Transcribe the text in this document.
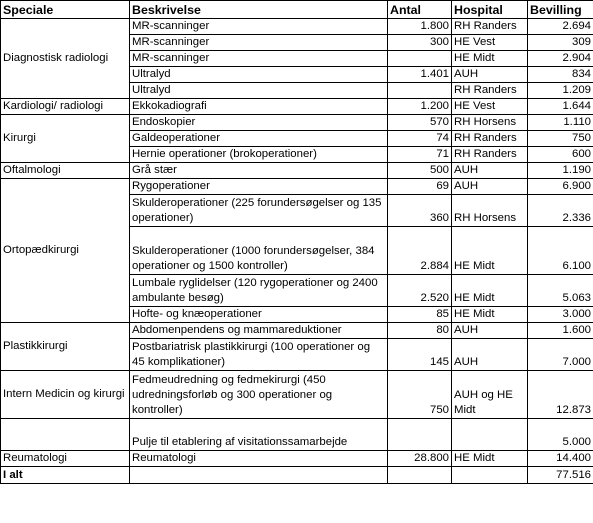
Speciale	Beskrivelse	Antal	Hospital	Bevilling
Diagnostisk radiologi	MR-scanninger	1.800	RH Randers	2.694
	MR-scanninger	300	HE Vest	309
	MR-scanninger		HE Midt	2.904
	Ultralyd	1.401	AUH	834
	Ultralyd		RH Randers	1.209
Kardiologi/ radiologi	Ekkokadiografi	1.200	HE Vest	1.644
Kirurgi	Endoskopier	570	RH Horsens	1.110
	Galdeoperationer	74	RH Randers	750
	Hernie operationer (brokoperationer)	71	RH Randers	600
Oftalmologi	Grå stær	500	AUH	1.190
Ortopædkirurgi	Rygoperationer	69	AUH	6.900
	Skulderoperationer (225 forundersøgelser og 135 operationer)	360	RH Horsens	2.336
	Skulderoperationer (1000 forundersøgelser, 384 operationer og 1500 kontroller)	2.884	HE Midt	6.100
	Lumbale ryglidelser (120 rygoperationer og 2400 ambulante besøg)	2.520	HE Midt	5.063
	Hofte- og knæoperationer	85	HE Midt	3.000
Plastikkirurgi	Abdomenpendens og mammareduktioner	80	AUH	1.600
	Postbariatrisk plastikkirurgi (100 operationer og 45 komplikationer)	145	AUH	7.000
Intern Medicin og kirurgi	Fedmeudredning og fedmekirurgi (450 udredningsforløb og 300 operationer og kontroller)	750	AUH og HE Midt	12.873
	Pulje til etablering af visitationssamarbejde			5.000
Reumatologi	Reumatologi	28.800	HE Midt	14.400
I alt				77.516
